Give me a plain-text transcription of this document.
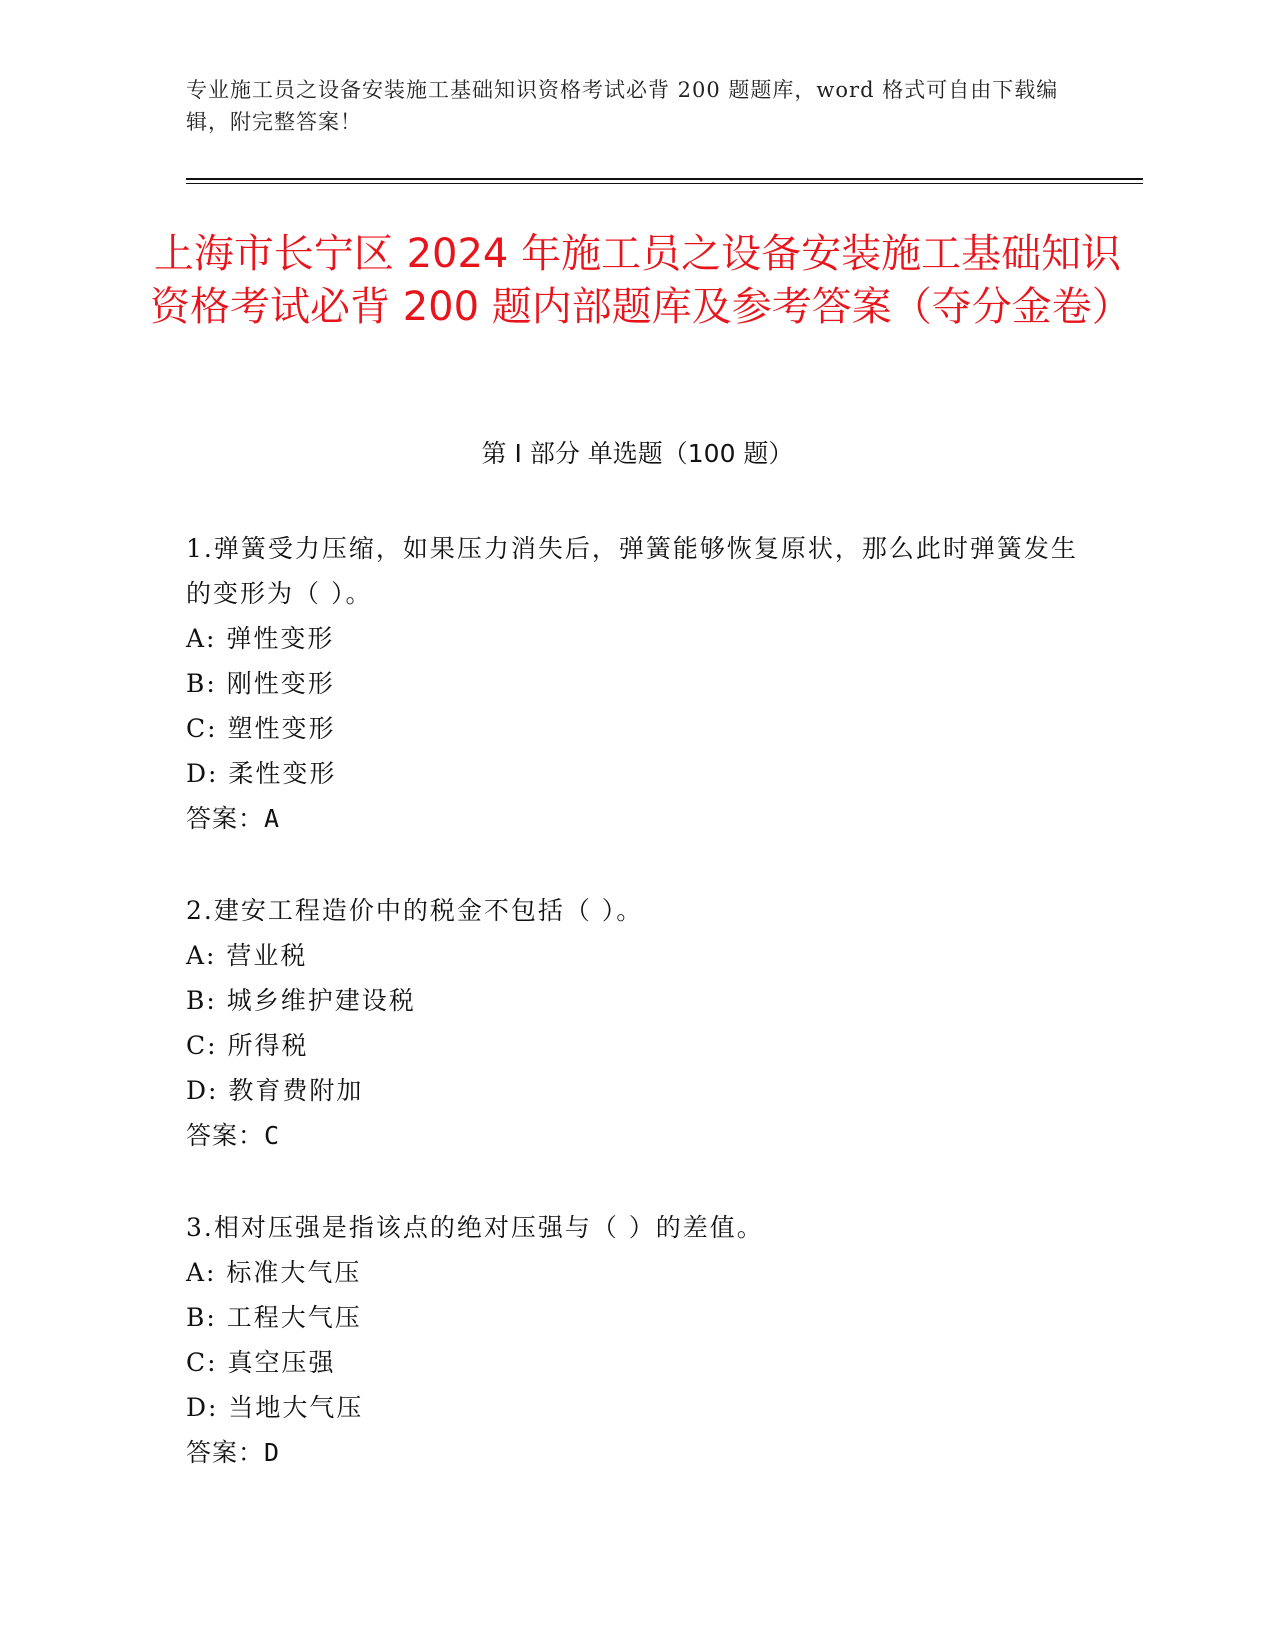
专业施工员之设备安装施工基础知识资格考试必背 200 题题库，word 格式可自由下载编辑，附完整答案！
上海市长宁区 2024 年施工员之设备安装施工基础知识资格考试必背 200 题内部题库及参考答案（夺分金卷）
第 I 部分 单选题（100 题）

1.弹簧受力压缩，如果压力消失后，弹簧能够恢复原状，那么此时弹簧发生的变形为（ ）。

A: 弹性变形

B: 刚性变形

C: 塑性变形

D: 柔性变形

答案：A

2.建安工程造价中的税金不包括（ ）。

A: 营业税

B: 城乡维护建设税

C: 所得税

D: 教育费附加

答案：C

3.相对压强是指该点的绝对压强与（ ）的差值。

A: 标准大气压

B: 工程大气压

C: 真空压强

D: 当地大气压

答案：D
